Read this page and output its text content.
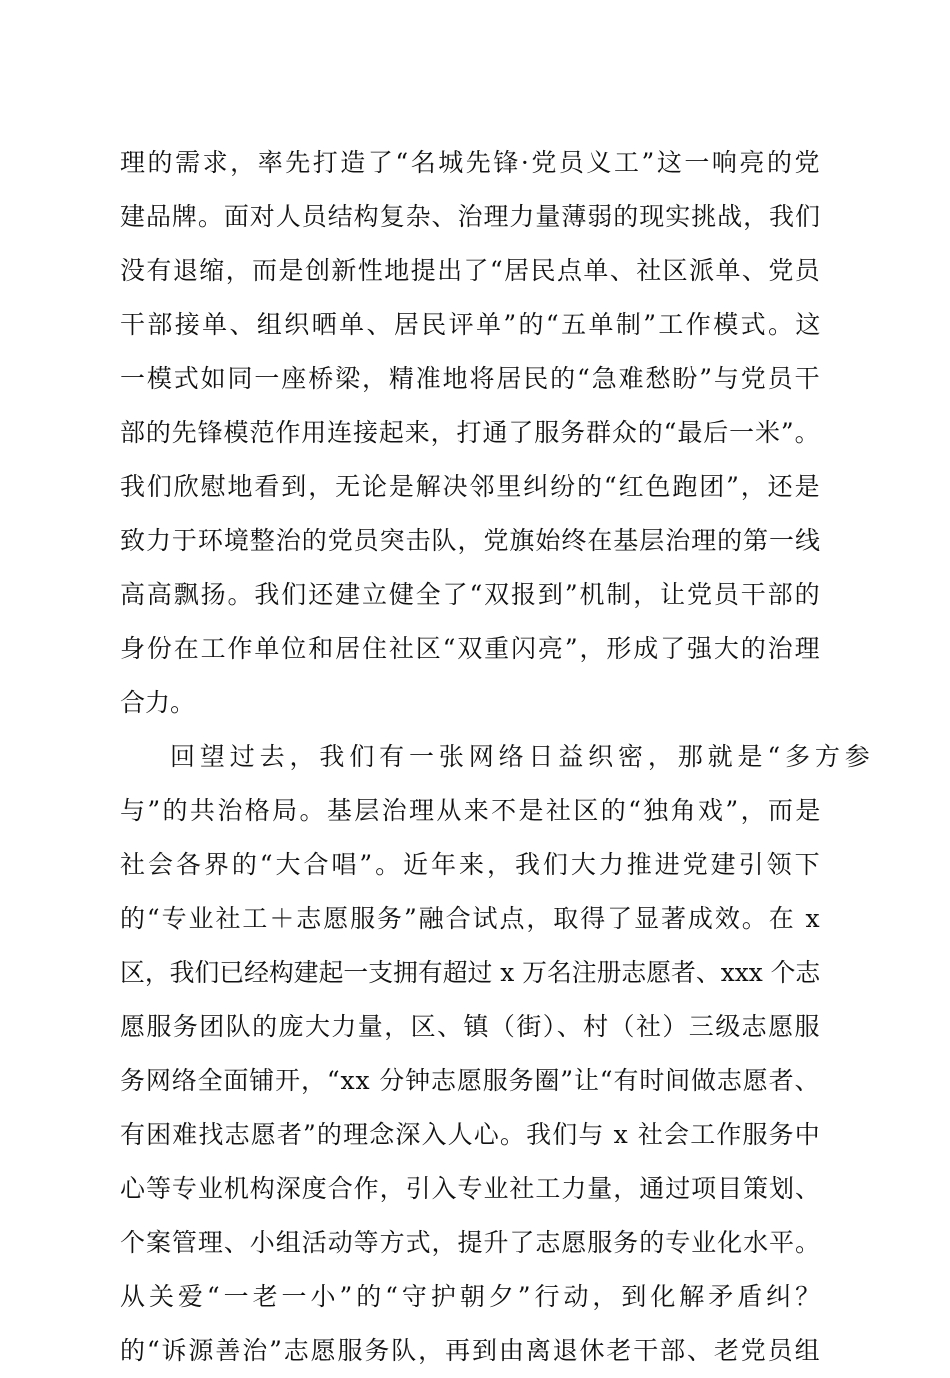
理的需求，率先打造了“名城先锋·党员义工”这一响亮的党
建品牌。面对人员结构复杂、治理力量薄弱的现实挑战，我们
没有退缩，而是创新性地提出了“居民点单、社区派单、党员
干部接单、组织晒单、居民评单”的“五单制”工作模式。这
一模式如同一座桥梁，精准地将居民的“急难愁盼”与党员干
部的先锋模范作用连接起来，打通了服务群众的“最后一米”。
我们欣慰地看到，无论是解决邻里纠纷的“红色跑团”，还是
致力于环境整治的党员突击队，党旗始终在基层治理的第一线
高高飘扬。我们还建立健全了“双报到”机制，让党员干部的
身份在工作单位和居住社区“双重闪亮”，形成了强大的治理
合力。
回望过去，我们有一张网络日益织密，那就是“多方参
与”的共治格局。基层治理从来不是社区的“独角戏”，而是
社会各界的“大合唱”。近年来，我们大力推进党建引领下
的“专业社工＋志愿服务”融合试点，取得了显著成效。在 x
区，我们已经构建起一支拥有超过 x 万名注册志愿者、xxx 个志
愿服务团队的庞大力量，区、镇（街）、村（社）三级志愿服
务网络全面铺开，“xx 分钟志愿服务圈”让“有时间做志愿者、
有困难找志愿者”的理念深入人心。我们与 x 社会工作服务中
心等专业机构深度合作，引入专业社工力量，通过项目策划、
个案管理、小组活动等方式，提升了志愿服务的专业化水平。
从关爱“一老一小”的“守护朝夕”行动，到化解矛盾纠？
的“诉源善治”志愿服务队，再到由离退休老干部、老党员组
